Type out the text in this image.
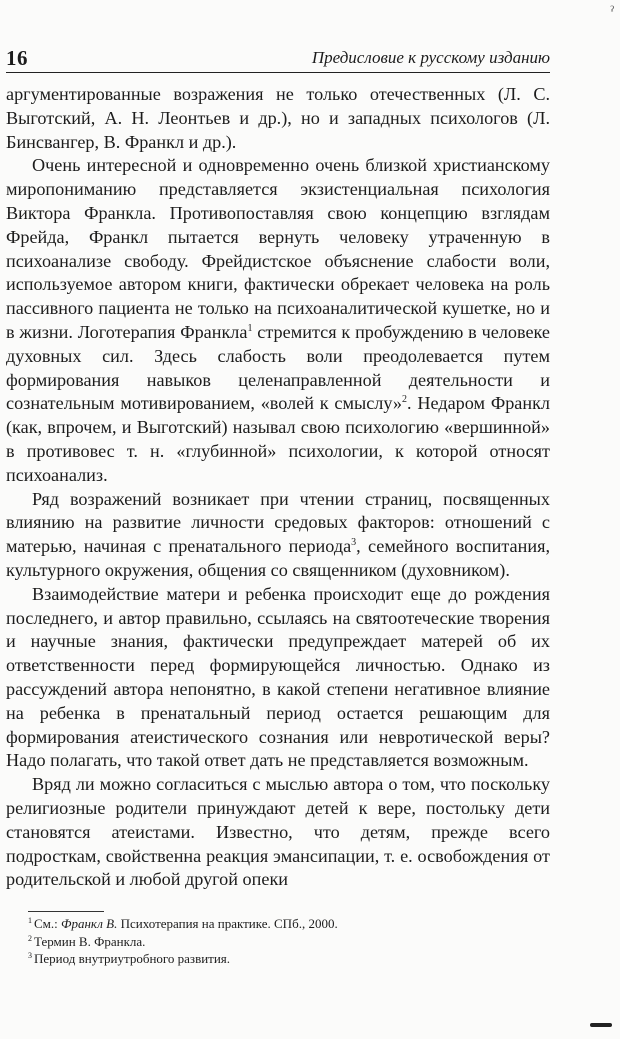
ˀ
16	Предисловие к русскому изданию

аргументированные возражения не только отечественных (Л. С. Выготский, А. Н. Леонтьев и др.), но и западных психологов (Л. Бинсвангер, В. Франкл и др.).

Очень интересной и одновременно очень близкой христианскому миропониманию представляется экзистенциальная психология Виктора Франкла. Противопоставляя свою концепцию взглядам Фрейда, Франкл пытается вернуть человеку утраченную в психоанализе свободу. Фрейдистское объяснение слабости воли, используемое автором книги, фактически обрекает человека на роль пассивного пациента не только на психоаналитической кушетке, но и в жизни. Логотерапия Франкла$^1$ стремится к пробуждению в человеке духовных сил. Здесь слабость воли преодолевается путем формирования навыков целенаправленной деятельности и сознательным мотивированием, «волей к смыслу»$^2$. Недаром Франкл (как, впрочем, и Выготский) называл свою психологию «вершинной» в противовес т. н. «глубинной» психологии, к которой относят психоанализ.

Ряд возражений возникает при чтении страниц, посвященных влиянию на развитие личности средовых факторов: отношений с матерью, начиная с пренатального периода$^3$, семейного воспитания, культурного окружения, общения со священником (духовником).

Взаимодействие матери и ребенка происходит еще до рождения последнего, и автор правильно, ссылаясь на святоотеческие творения и научные знания, фактически предупреждает матерей об их ответственности перед формирующейся личностью. Однако из рассуждений автора непонятно, в какой степени негативное влияние на ребенка в пренатальный период остается решающим для формирования атеистического сознания или невротической веры? Надо полагать, что такой ответ дать не представляется возможным.

Вряд ли можно согласиться с мыслью автора о том, что поскольку религиозные родители принуждают детей к вере, постольку дети становятся атеистами. Известно, что детям, прежде всего подросткам, свойственна реакция эмансипации, т. е. освобождения от родительской и любой другой опеки

$^1$ См.: Франкл В. Психотерапия на практике. СПб., 2000.
$^2$ Термин В. Франкла.
$^3$ Период внутриутробного развития.
